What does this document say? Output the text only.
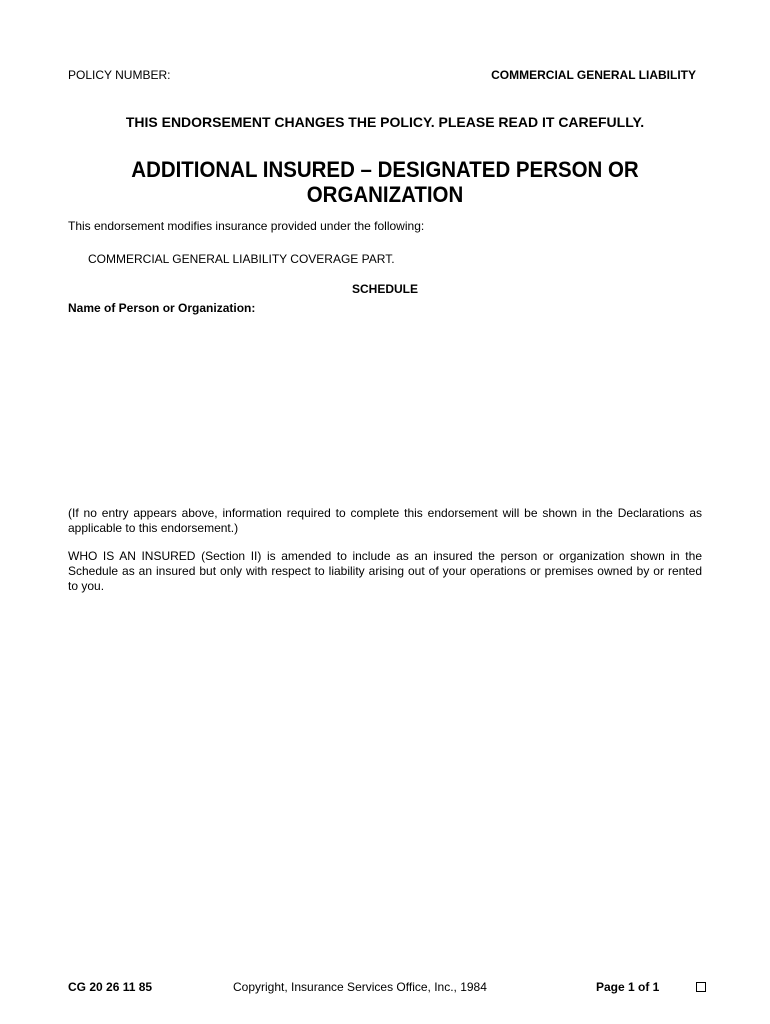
POLICY NUMBER:	COMMERCIAL GENERAL LIABILITY
THIS ENDORSEMENT CHANGES THE POLICY. PLEASE READ IT CAREFULLY.
ADDITIONAL INSURED – DESIGNATED PERSON OR
ORGANIZATION
This endorsement modifies insurance provided under the following:
COMMERCIAL GENERAL LIABILITY COVERAGE PART.
SCHEDULE
Name of Person or Organization:
(If no entry appears above, information required to complete this endorsement will be shown in the Declarations as applicable to this endorsement.)
WHO IS AN INSURED (Section II) is amended to include as an insured the person or organization shown in the Schedule as an insured but only with respect to liability arising out of your operations or premises owned by or rented to you.
CG 20 26 11 85	Copyright, Insurance Services Office, Inc., 1984	Page 1 of 1
